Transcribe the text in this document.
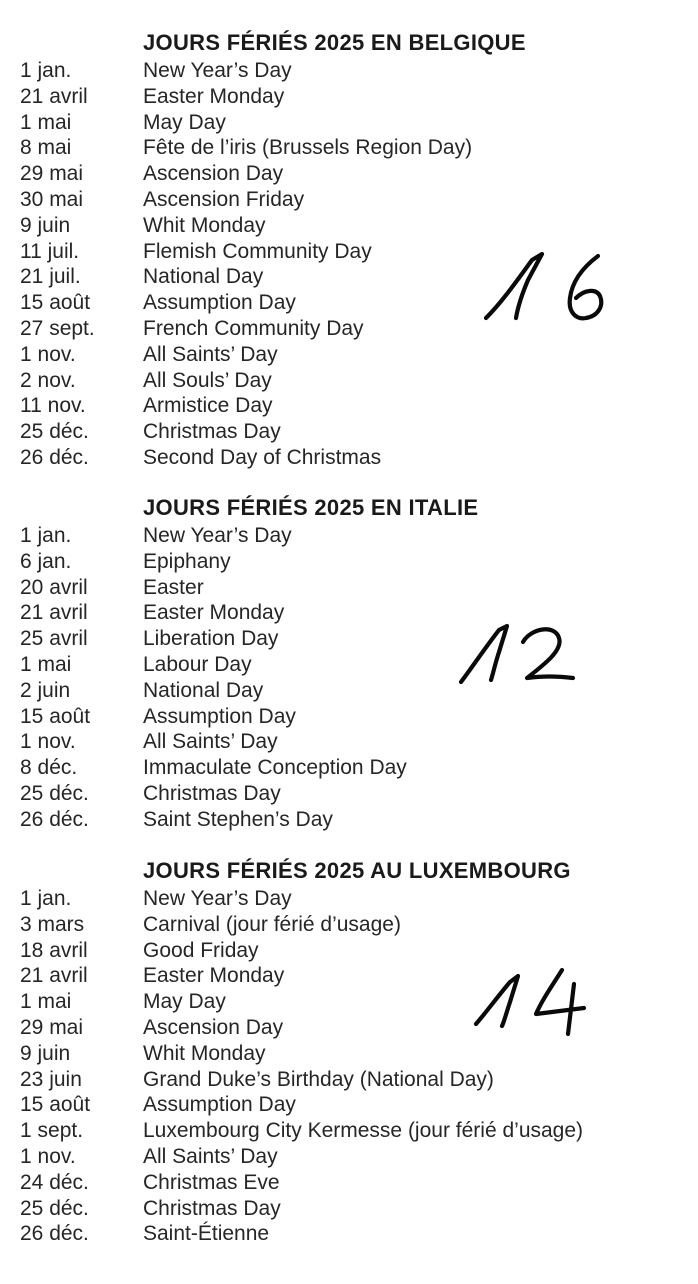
JOURS FÉRIÉS 2025 EN BELGIQUE
1 jan.	New Year’s Day
21 avril	Easter Monday
1 mai	May Day
8 mai	Fête de l’iris (Brussels Region Day)
29 mai	Ascension Day
30 mai	Ascension Friday
9 juin	Whit Monday
11 juil.	Flemish Community Day
21 juil.	National Day
15 août	Assumption Day
27 sept. French Community Day
1 nov.	All Saints’ Day
2 nov.	All Souls’ Day
11 nov.	Armistice Day
25 déc.	Christmas Day
26 déc.	Second Day of Christmas
JOURS FÉRIÉS 2025 EN ITALIE
1 jan.	New Year’s Day
6 jan.	Epiphany
20 avril	Easter
21 avril	Easter Monday
25 avril	Liberation Day
1 mai	Labour Day
2 juin	National Day
15 août	Assumption Day
1 nov.	All Saints’ Day
8 déc.	Immaculate Conception Day
25 déc.	Christmas Day
26 déc.	Saint Stephen’s Day
JOURS FÉRIÉS 2025 AU LUXEMBOURG
1 jan.	New Year’s Day
3 mars	Carnival (jour férié d’usage)
18 avril	Good Friday
21 avril	Easter Monday
1 mai	May Day
29 mai	Ascension Day
9 juin	Whit Monday
23 juin	Grand Duke’s Birthday (National Day)
15 août	Assumption Day
1 sept.	Luxembourg City Kermesse (jour férié d’usage)
1 nov.	All Saints’ Day
24 déc.	Christmas Eve
25 déc.	Christmas Day
26 déc.	Saint-Étienne
